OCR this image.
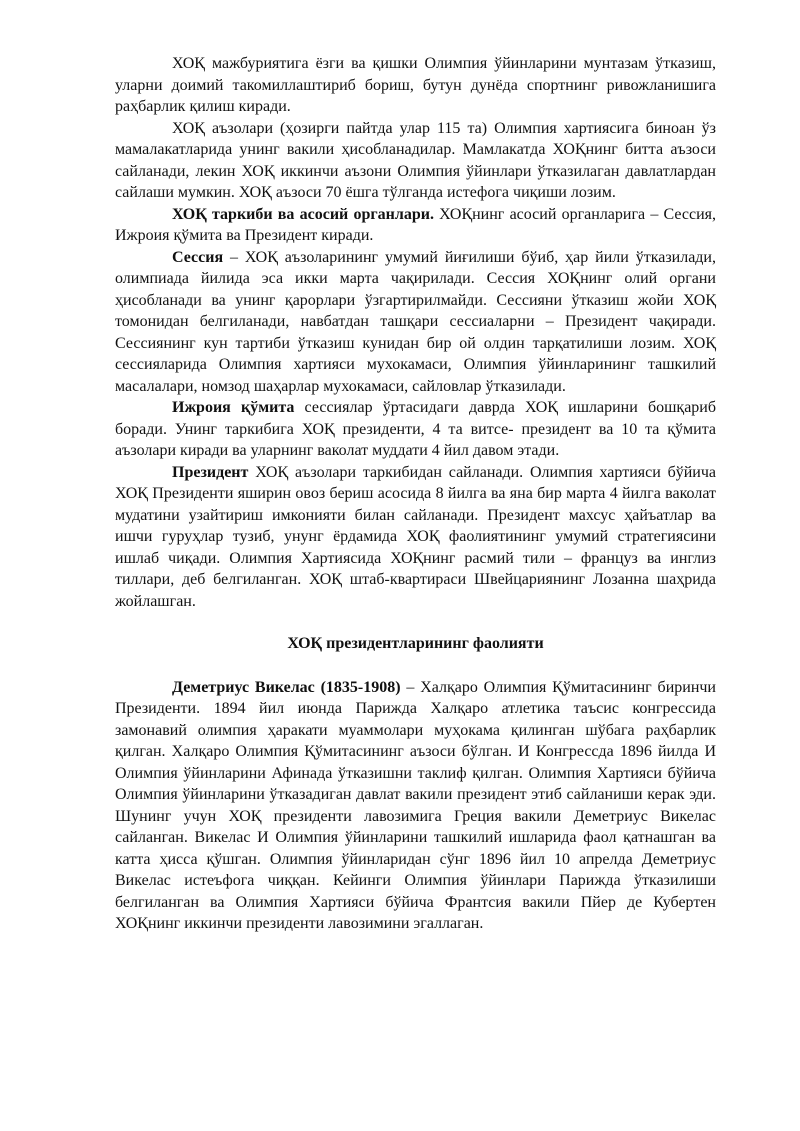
ХОҚ мажбуриятига ёзги ва қишки Олимпия ўйинларини мунтазам ўтказиш, уларни доимий такомиллаштириб бориш, бутун дунёда спортнинг ривожланишига раҳбарлик қилиш киради.

ХОҚ аъзолари (ҳозирги пайтда улар 115 та) Олимпия хартиясига биноан ўз мамалакатларида унинг вакили ҳисобланадилар. Мамлакатда ХОҚнинг битта аъзоси сайланади, лекин ХОҚ иккинчи аъзони Олимпия ўйинлари ўтказилаган давлатлардан сайлаши мумкин. ХОҚ аъзоси 70 ёшга тўлганда истефога чиқиши лозим.

ХОҚ таркиби ва асосий органлари. ХОҚнинг асосий органларига – Сессия, Ижроия қўмита ва Президент киради.

Сессия – ХОҚ аъзоларининг умумий йиғилиши бўиб, ҳар йили ўтказилади, олимпиада йилида эса икки марта чақирилади. Сессия ХОҚнинг олий органи ҳисобланади ва унинг қарорлари ўзгартирилмайди. Сессияни ўтказиш жойи ХОҚ томонидан белгиланади, навбатдан ташқари сессиаларни – Президент чақиради. Сессиянинг кун тартиби ўтказиш кунидан бир ой олдин тарқатилиши лозим. ХОҚ сессияларида Олимпия хартияси мухокамаси, Олимпия ўйинларининг ташкилий масалалари, номзод шаҳарлар мухокамаси, сайловлар ўтказилади.

Ижроия қўмита сессиялар ўртасидаги даврда ХОҚ ишларини бошқариб боради. Унинг таркибига ХОҚ президенти, 4 та витсе- президент ва 10 та қўмита аъзолари киради ва уларнинг ваколат муддати 4 йил давом этади.

Президент ХОҚ аъзолари таркибидан сайланади. Олимпия хартияси бўйича ХОҚ Президенти яширин овоз бериш асосида 8 йилга ва яна бир марта 4 йилга ваколат мудатини узайтириш имконияти билан сайланади. Президент махсус ҳайъатлар ва ишчи гуруҳлар тузиб, унунг ёрдамида ХОҚ фаолиятининг умумий стратегиясини ишлаб чиқади. Олимпия Хартиясида ХОҚнинг расмий тили – француз ва инглиз тиллари, деб белгиланган. ХОҚ штаб-квартираси Швейцариянинг Лозанна шаҳрида жойлашган.

ХОҚ президентларининг фаолияти

Деметриус Викелас (1835-1908) – Халқаро Олимпия Қўмитасининг биринчи Президенти. 1894 йил июнда Парижда Халқаро атлетика таъсис конгрессида замонавий олимпия ҳаракати муаммолари муҳокама қилинган шўбага раҳбарлик қилган. Халқаро Олимпия Қўмитасининг аъзоси бўлган. И Конгрессда 1896 йилда И Олимпия ўйинларини Афинада ўтказишни таклиф қилган. Олимпия Хартияси бўйича Олимпия ўйинларини ўтказадиган давлат вакили президент этиб сайланиши керак эди. Шунинг учун ХОҚ президенти лавозимига Греция вакили Деметриус Викелас сайланган. Викелас И Олимпия ўйинларини ташкилий ишларида фаол қатнашган ва катта ҳисса қўшган. Олимпия ўйинларидан сўнг 1896 йил 10 апрелда Деметриус Викелас истеъфога чиққан. Кейинги Олимпия ўйинлари Парижда ўтказилиши белгиланган ва Олимпия Хартияси бўйича Франтсия вакили Пйер де Кубертен ХОҚнинг иккинчи президенти лавозимини эгаллаган.
